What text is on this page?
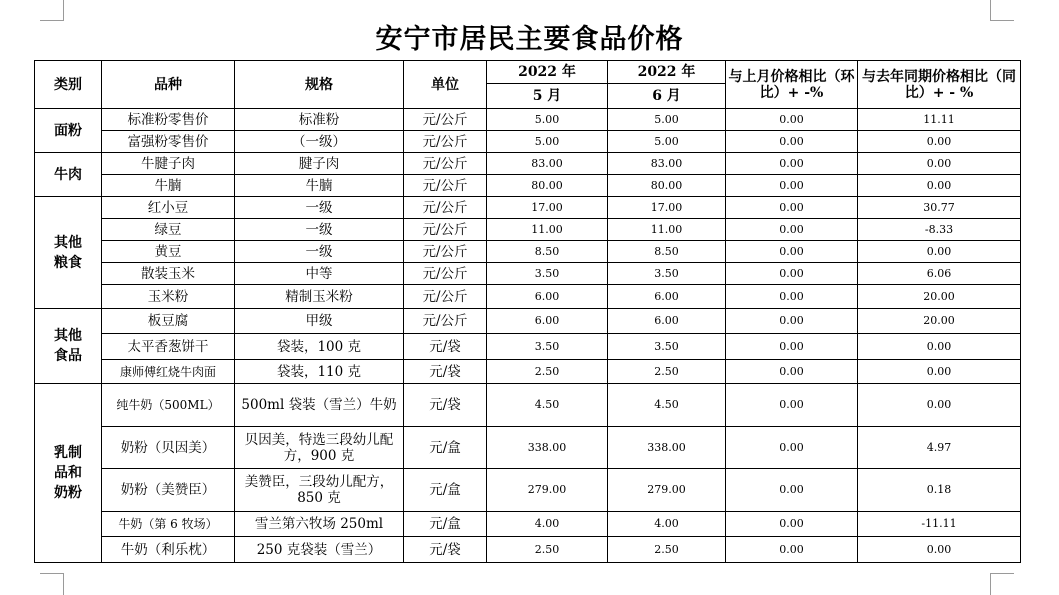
安宁市居民主要食品价格
类别	品种	规格	单位	2022 年	2022 年	与上月价格相比（环比）+ -%	与去年同期价格相比（同比）+ - %
				5 月	6 月		
面粉	标准粉零售价	标准粉	元/公斤	5.00	5.00	0.00	11.11
	富强粉零售价	（一级）	元/公斤	5.00	5.00	0.00	0.00
牛肉	牛腱子肉	腱子肉	元/公斤	83.00	83.00	0.00	0.00
	牛腩	牛腩	元/公斤	80.00	80.00	0.00	0.00
其他粮食	红小豆	一级	元/公斤	17.00	17.00	0.00	30.77
	绿豆	一级	元/公斤	11.00	11.00	0.00	-8.33
	黄豆	一级	元/公斤	8.50	8.50	0.00	0.00
	散装玉米	中等	元/公斤	3.50	3.50	0.00	6.06
	玉米粉	精制玉米粉	元/公斤	6.00	6.00	0.00	20.00
其他食品	板豆腐	甲级	元/公斤	6.00	6.00	0.00	20.00
	太平香葱饼干	袋装，100 克	元/袋	3.50	3.50	0.00	0.00
	康师傅红烧牛肉面	袋装，110 克	元/袋	2.50	2.50	0.00	0.00
乳制品和奶粉	纯牛奶（500ML）	500ml 袋装（雪兰）牛奶	元/袋	4.50	4.50	0.00	0.00
	奶粉（贝因美）	贝因美，特选三段幼儿配方，900 克	元/盒	338.00	338.00	0.00	4.97
	奶粉（美赞臣）	美赞臣，三段幼儿配方，850 克	元/盒	279.00	279.00	0.00	0.18
	牛奶（第 6 牧场）	雪兰第六牧场 250ml	元/盒	4.00	4.00	0.00	-11.11
	牛奶（利乐枕）	250 克袋装（雪兰）	元/袋	2.50	2.50	0.00	0.00
